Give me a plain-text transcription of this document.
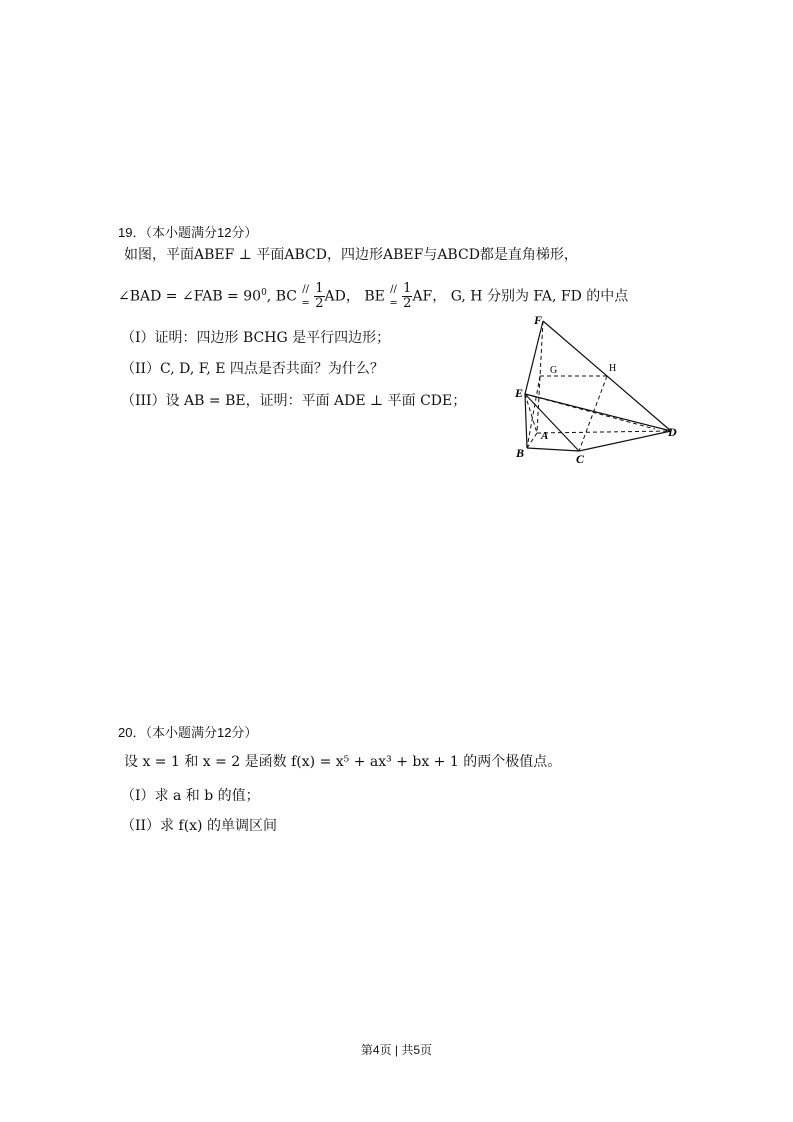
19．（本小题满分12分）
如图，平面ABEF ⊥ 平面ABCD，四边形ABEF与ABCD都是直角梯形，
∠BAD = ∠FAB = $90^0$, BC //
=
$\frac{1}{2}$ AD， BE //
=
$\frac{1}{2}$ AF， G, H 分别为 FA, FD 的中点
（I）证明：四边形 BCHG 是平行四边形；
（II）C, D, F, E 四点是否共面？为什么？
（III）设 AB = BE，证明：平面 ADE ⊥ 平面 CDE；
F
G	H
E
A
B	C
D
20．（本小题满分12分）
设 x = 1 和 x = 2 是函数 f(x) = x⁵ + ax³ + bx + 1 的两个极值点。
（I）求 a 和 b 的值；
（II）求 f(x) 的单调区间
第4页 | 共5页
